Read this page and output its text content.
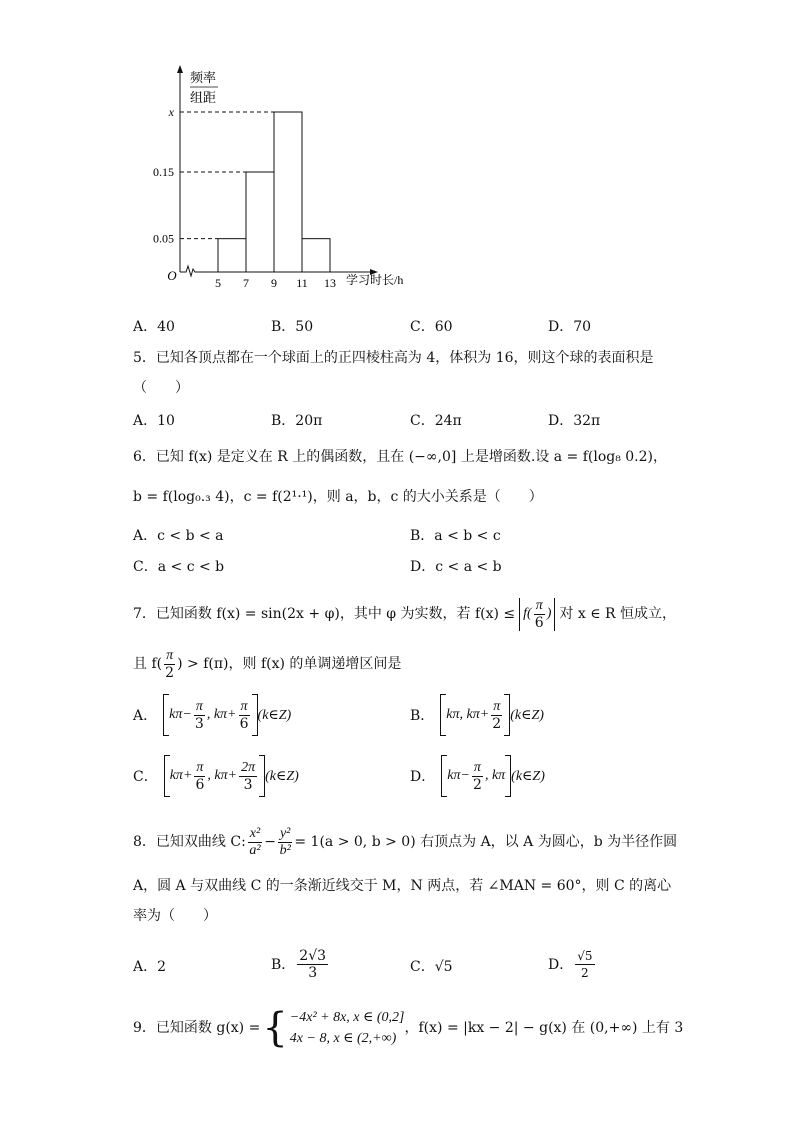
x
0.15
0.05
5 7 9 11 13
频率
组距
O	学习时长/h
A．40	B．50	C．60	D．70
5．已知各顶点都在一个球面上的正四棱柱高为 4，体积为 16，则这个球的表面积是
（　　）
A．10	B．20π	C．24π	D．32π
6．已知 f(x) 是定义在 R 上的偶函数，且在 (−∞,0] 上是增函数.设 a = f(log₈ 0.2)，
b = f(log₀.₃ 4)，c = f(2¹·¹)，则 a，b，c 的大小关系是（　　）
A．c < b < a	B．a < b < c
C．a < c < b	D．c < a < b
7．已知函数 f(x) = sin(2x + φ)，其中 φ 为实数，若 $f(x) \le f( \frac{\pi}{6}$ ) 对 x ∈ R 恒成立，
且 $f( \frac{\pi}{2}$ ) > f(π)，则 f(x) 的单调递增区间是
A． $k\pi- \frac{\pi}{3}$ , $k\pi+ \frac{\pi}{6}$ (k∈Z)	B． kπ, $k\pi+ \frac{\pi}{2}$ (k∈Z)
C． $k\pi+ \frac{\pi}{6}$ , $k\pi+ \frac{2\pi}{3}$ (k∈Z)	D． $k\pi- \frac{\pi}{2}$ , kπ (k∈Z)
8．已知双曲线 C: $\frac{\text{x²}}{\text{a²}} - \frac{\text{y²}}{\text{b²}} = 1(a > 0$, b > 0) 右顶点为 A，以 A 为圆心，b 为半径作圆
A，圆 A 与双曲线 C 的一条渐近线交于 M，N 两点，若 ∠MAN = 60°，则 C 的离心
率为（　　）
A．2	B． $\frac{2√3}{3}$	C．√5	D． $\frac{√5}{2}$
9．已知函数 g(x) = { −4x² + 8x, x ∈ (0,2]
4x − 8, x ∈ (2,+∞)
，f(x) = |kx − 2| − g(x) 在 (0,+∞) 上有 3
